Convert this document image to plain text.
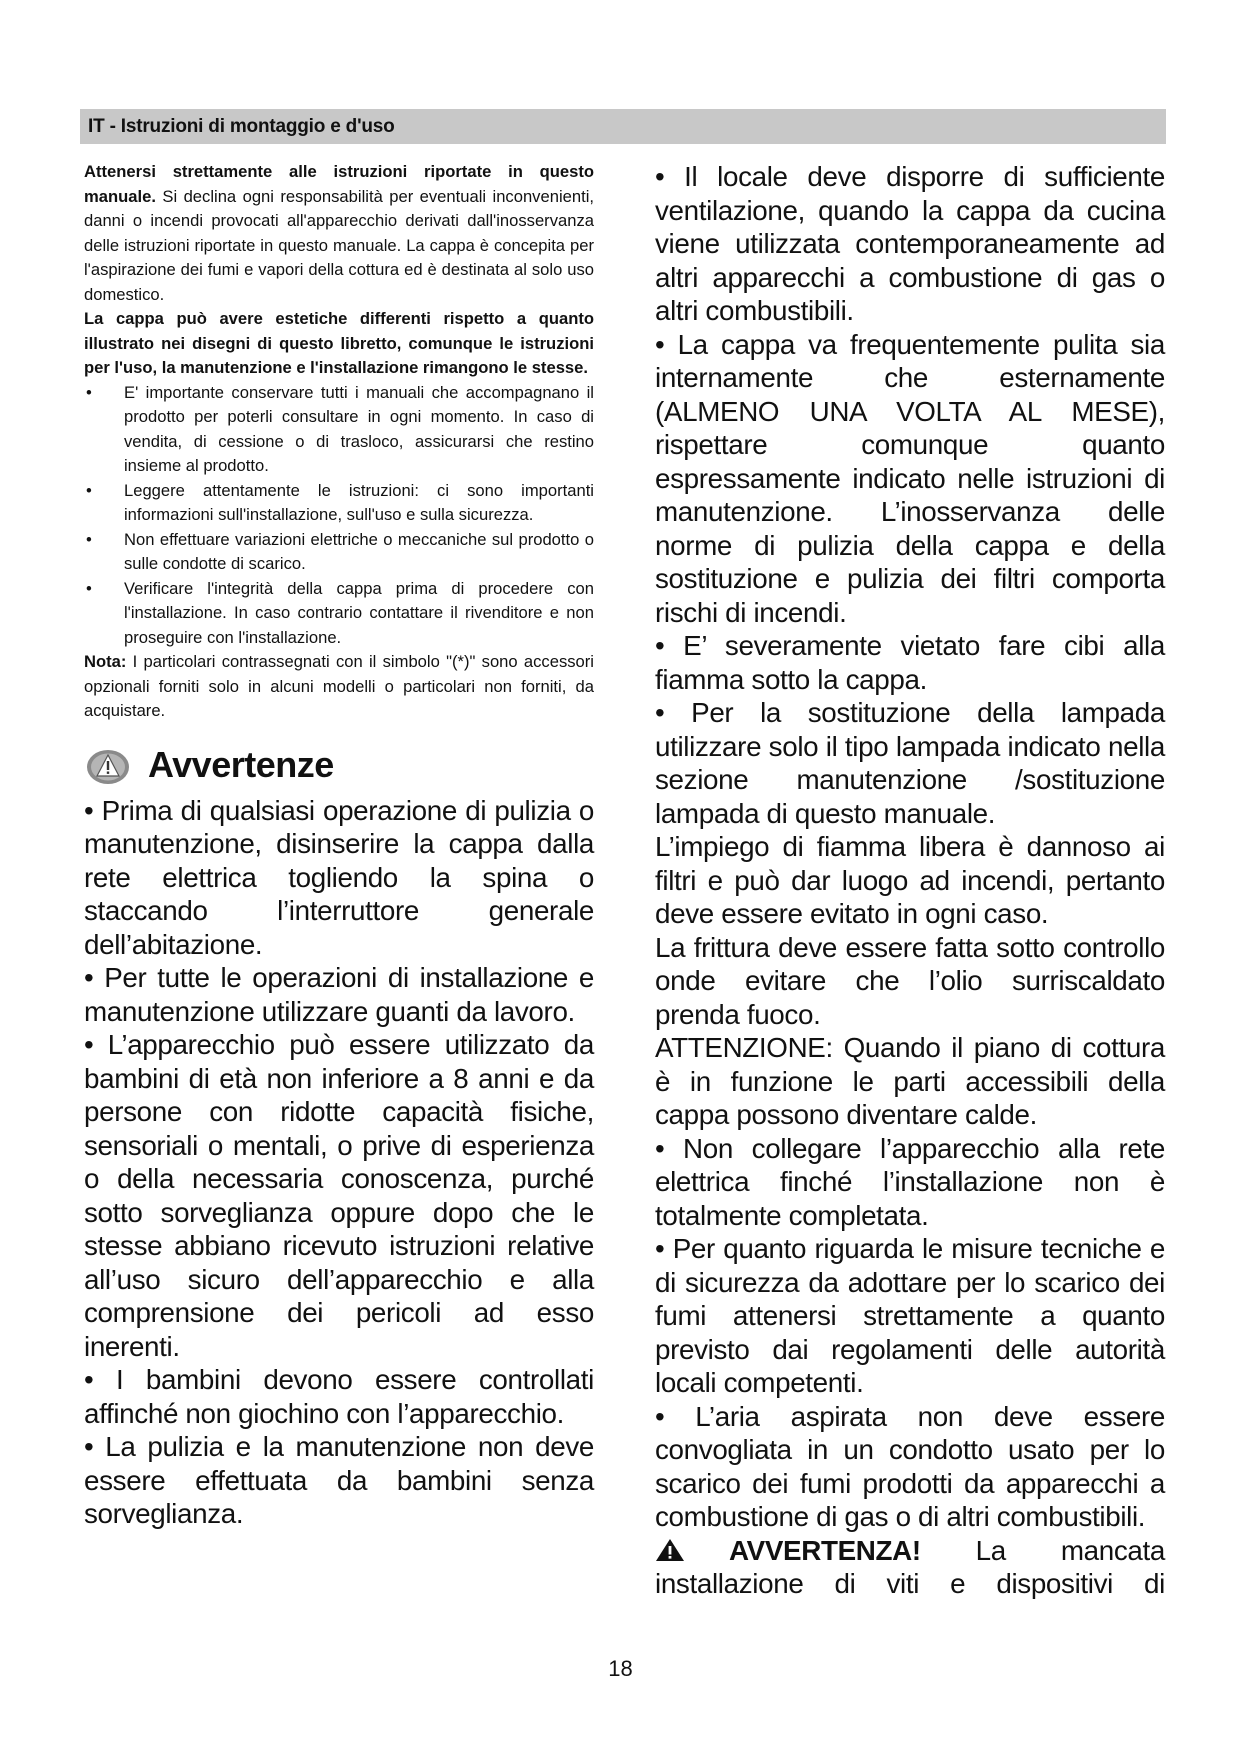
IT - Istruzioni di montaggio e d'uso

Attenersi strettamente alle istruzioni riportate in questo manuale. Si declina ogni responsabilità per eventuali inconvenienti, danni o incendi provocati all'apparecchio derivati dall'inosservanza delle istruzioni riportate in questo manuale. La cappa è concepita per l'aspirazione dei fumi e vapori della cottura ed è destinata al solo uso domestico.

La cappa può avere estetiche differenti rispetto a quanto illustrato nei disegni di questo libretto, comunque le istruzioni per l'uso, la manutenzione e l'installazione rimangono le stesse.

• E' importante conservare tutti i manuali che accompagnano il prodotto per poterli consultare in ogni momento. In caso di vendita, di cessione o di trasloco, assicurarsi che restino insieme al prodotto.
• Leggere attentamente le istruzioni: ci sono importanti informazioni sull'installazione, sull'uso e sulla sicurezza.
• Non effettuare variazioni elettriche o meccaniche sul prodotto o sulle condotte di scarico.
• Verificare l'integrità della cappa prima di procedere con l'installazione. In caso contrario contattare il rivenditore e non proseguire con l'installazione.

Nota: I particolari contrassegnati con il simbolo "(*)" sono accessori opzionali forniti solo in alcuni modelli o particolari non forniti, da acquistare.

Avvertenze

• Prima di qualsiasi operazione di pulizia o manutenzione, disinserire la cappa dalla rete elettrica togliendo la spina o staccando l’interruttore generale dell’abitazione.

• Per tutte le operazioni di installazione e manutenzione utilizzare guanti da lavoro.

• L’apparecchio può essere utilizzato da bambini di età non inferiore a 8 anni e da persone con ridotte capacità fisiche, sensoriali o mentali, o prive di esperienza o della necessaria conoscenza, purché sotto sorveglianza oppure dopo che le stesse abbiano ricevuto istruzioni relative all’uso sicuro dell’apparecchio e alla comprensione dei pericoli ad esso inerenti.

• I bambini devono essere controllati affinché non giochino con l’apparecchio.

• La pulizia e la manutenzione non deve essere effettuata da bambini senza sorveglianza.

• Il locale deve disporre di sufficiente ventilazione, quando la cappa da cucina viene utilizzata contemporaneamente ad altri apparecchi a combustione di gas o altri combustibili.

• La cappa va frequentemente pulita sia internamente che esternamente (ALMENO UNA VOLTA AL MESE), rispettare comunque quanto espressamente indicato nelle istruzioni di manutenzione. L’inosservanza delle norme di pulizia della cappa e della sostituzione e pulizia dei filtri comporta rischi di incendi.

• E’ severamente vietato fare cibi alla fiamma sotto la cappa.

• Per la sostituzione della lampada utilizzare solo il tipo lampada indicato nella sezione manutenzione /sostituzione lampada di questo manuale.

L’impiego di fiamma libera è dannoso ai filtri e può dar luogo ad incendi, pertanto deve essere evitato in ogni caso.

La frittura deve essere fatta sotto controllo onde evitare che l’olio surriscaldato prenda fuoco.

ATTENZIONE: Quando il piano di cottura è in funzione le parti accessibili della cappa possono diventare calde.

• Non collegare l’apparecchio alla rete elettrica finché l’installazione non è totalmente completata.

• Per quanto riguarda le misure tecniche e di sicurezza da adottare per lo scarico dei fumi attenersi strettamente a quanto previsto dai regolamenti delle autorità locali competenti.

• L’aria aspirata non deve essere convogliata in un condotto usato per lo scarico dei fumi prodotti da apparecchi a combustione di gas o di altri combustibili.

AVVERTENZA! La mancata installazione di viti e dispositivi di

18
